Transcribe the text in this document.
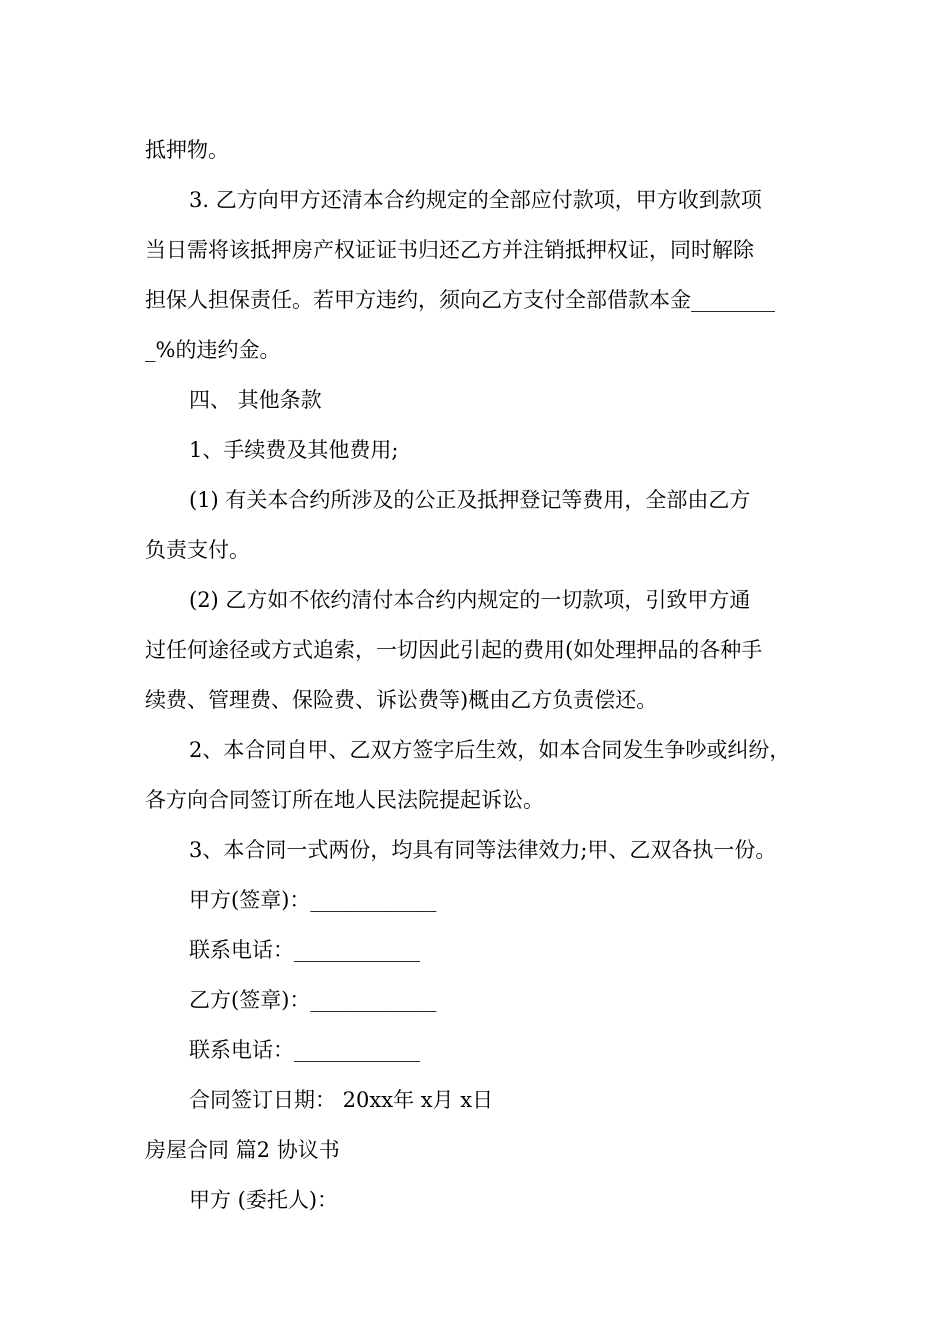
抵押物。
3. 乙方向甲方还清本合约规定的全部应付款项，甲方收到款项
当日需将该抵押房产权证证书归还乙方并注销抵押权证，同时解除
担保人担保责任。若甲方违约，须向乙方支付全部借款本金________
_%的违约金。
四、 其他条款
1、手续费及其他费用;
(1) 有关本合约所涉及的公正及抵押登记等费用，全部由乙方
负责支付。
(2) 乙方如不依约清付本合约内规定的一切款项，引致甲方通
过任何途径或方式追索，一切因此引起的费用(如处理押品的各种手
续费、管理费、保险费、诉讼费等)概由乙方负责偿还。
2、本合同自甲、乙双方签字后生效，如本合同发生争吵或纠纷，
各方向合同签订所在地人民法院提起诉讼。
3、本合同一式两份，均具有同等法律效力;甲、乙双各执一份。
甲方(签章)：____________
联系电话：____________
乙方(签章)：____________
联系电话：____________
合同签订日期： 20xx年 x月 x日
房屋合同 篇2 协议书
甲方 (委托人)：
